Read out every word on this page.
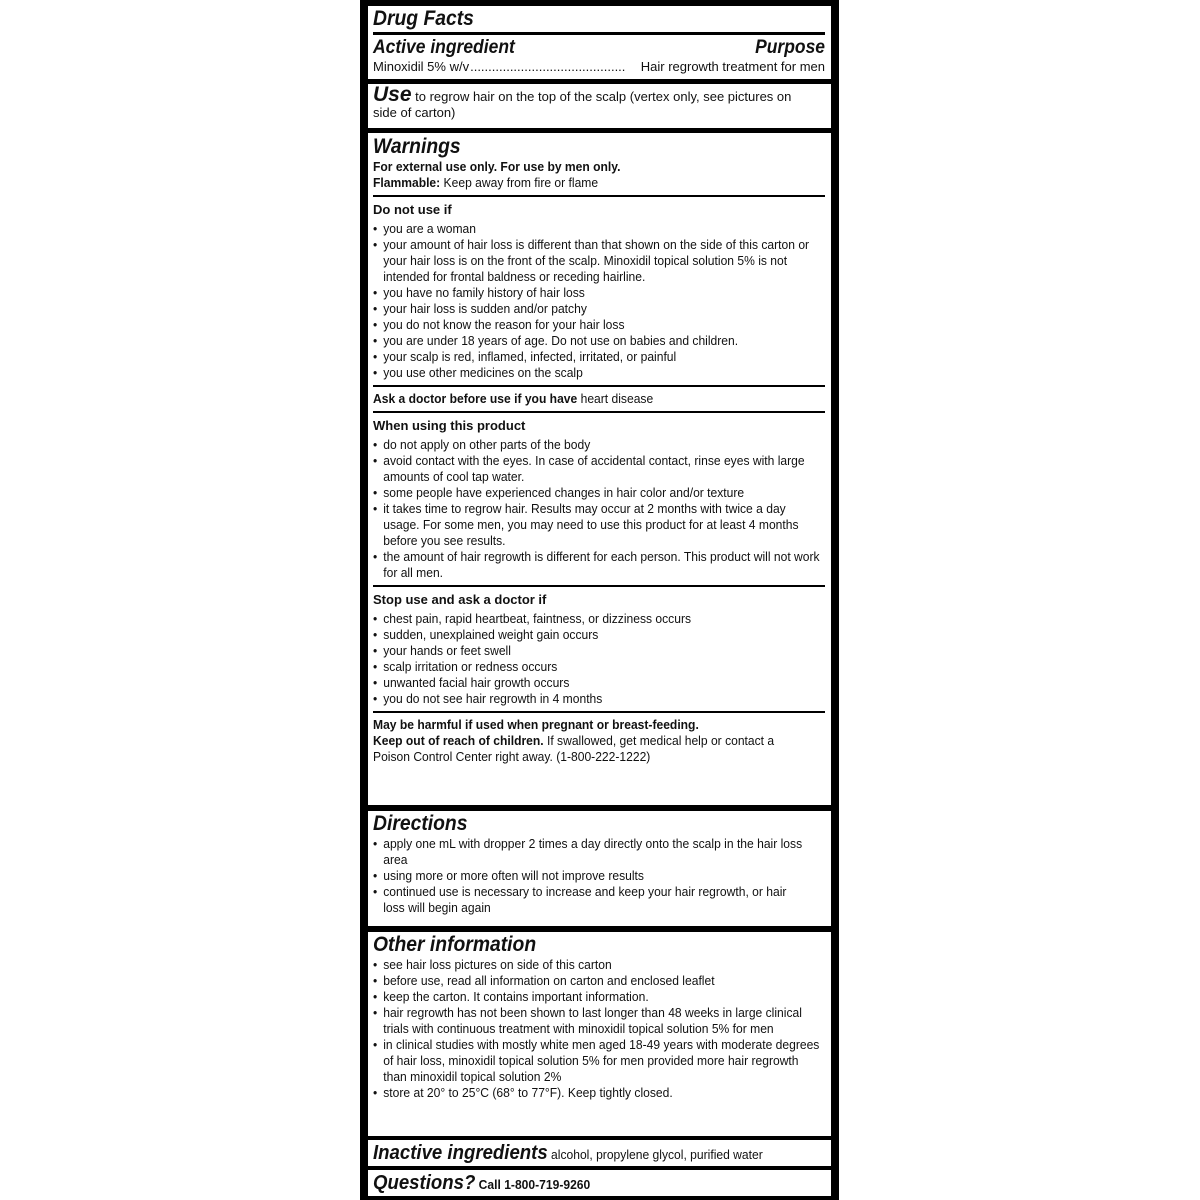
Drug Facts
Active ingredient	Purpose
Minoxidil 5% w/v ...........................................	Hair regrowth treatment for men
Use to regrow hair on the top of the scalp (vertex only, see pictures on side of carton)
Warnings
For external use only. For use by men only.
Flammable: Keep away from fire or flame
Do not use if
• you are a woman
• your amount of hair loss is different than that shown on the side of this carton or your hair loss is on the front of the scalp. Minoxidil topical solution 5% is not intended for frontal baldness or receding hairline.
• you have no family history of hair loss
• your hair loss is sudden and/or patchy
• you do not know the reason for your hair loss
• you are under 18 years of age. Do not use on babies and children.
• your scalp is red, inflamed, infected, irritated, or painful
• you use other medicines on the scalp
Ask a doctor before use if you have heart disease
When using this product
• do not apply on other parts of the body
• avoid contact with the eyes. In case of accidental contact, rinse eyes with large amounts of cool tap water.
• some people have experienced changes in hair color and/or texture
• it takes time to regrow hair. Results may occur at 2 months with twice a day usage. For some men, you may need to use this product for at least 4 months before you see results.
• the amount of hair regrowth is different for each person. This product will not work for all men.
Stop use and ask a doctor if
• chest pain, rapid heartbeat, faintness, or dizziness occurs
• sudden, unexplained weight gain occurs
• your hands or feet swell
• scalp irritation or redness occurs
• unwanted facial hair growth occurs
• you do not see hair regrowth in 4 months
May be harmful if used when pregnant or breast-feeding.
Keep out of reach of children. If swallowed, get medical help or contact a Poison Control Center right away. (1-800-222-1222)
Directions
• apply one mL with dropper 2 times a day directly onto the scalp in the hair loss area
• using more or more often will not improve results
• continued use is necessary to increase and keep your hair regrowth, or hair loss will begin again
Other information
• see hair loss pictures on side of this carton
• before use, read all information on carton and enclosed leaflet
• keep the carton. It contains important information.
• hair regrowth has not been shown to last longer than 48 weeks in large clinical trials with continuous treatment with minoxidil topical solution 5% for men
• in clinical studies with mostly white men aged 18-49 years with moderate degrees of hair loss, minoxidil topical solution 5% for men provided more hair regrowth than minoxidil topical solution 2%
• store at 20° to 25°C (68° to 77°F). Keep tightly closed.
Inactive ingredients alcohol, propylene glycol, purified water
Questions? Call 1-800-719-9260
